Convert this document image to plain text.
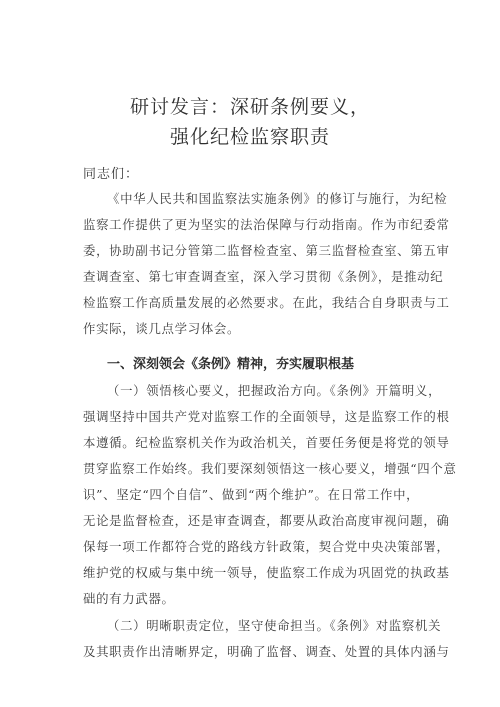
研讨发言：深研条例要义，
强化纪检监察职责
同志们：
《中华人民共和国监察法实施条例》的修订与施行，为纪检
监察工作提供了更为坚实的法治保障与行动指南。作为市纪委常
委，协助副书记分管第二监督检查室、第三监督检查室、第五审
查调查室、第七审查调查室，深入学习贯彻《条例》，是推动纪
检监察工作高质量发展的必然要求。在此，我结合自身职责与工
作实际，谈几点学习体会。
一、深刻领会《条例》精神，夯实履职根基
（一）领悟核心要义，把握政治方向。《条例》开篇明义，
强调坚持中国共产党对监察工作的全面领导，这是监察工作的根
本遵循。纪检监察机关作为政治机关，首要任务便是将党的领导
贯穿监察工作始终。我们要深刻领悟这一核心要义，增强“四个意
识”、坚定“四个自信”、做到“两个维护”。在日常工作中，
无论是监督检查，还是审查调查，都要从政治高度审视问题，确
保每一项工作都符合党的路线方针政策，契合党中央决策部署，
维护党的权威与集中统一领导，使监察工作成为巩固党的执政基
础的有力武器。
（二）明晰职责定位，坚守使命担当。《条例》对监察机关
及其职责作出清晰界定，明确了监督、调查、处置的具体内涵与
